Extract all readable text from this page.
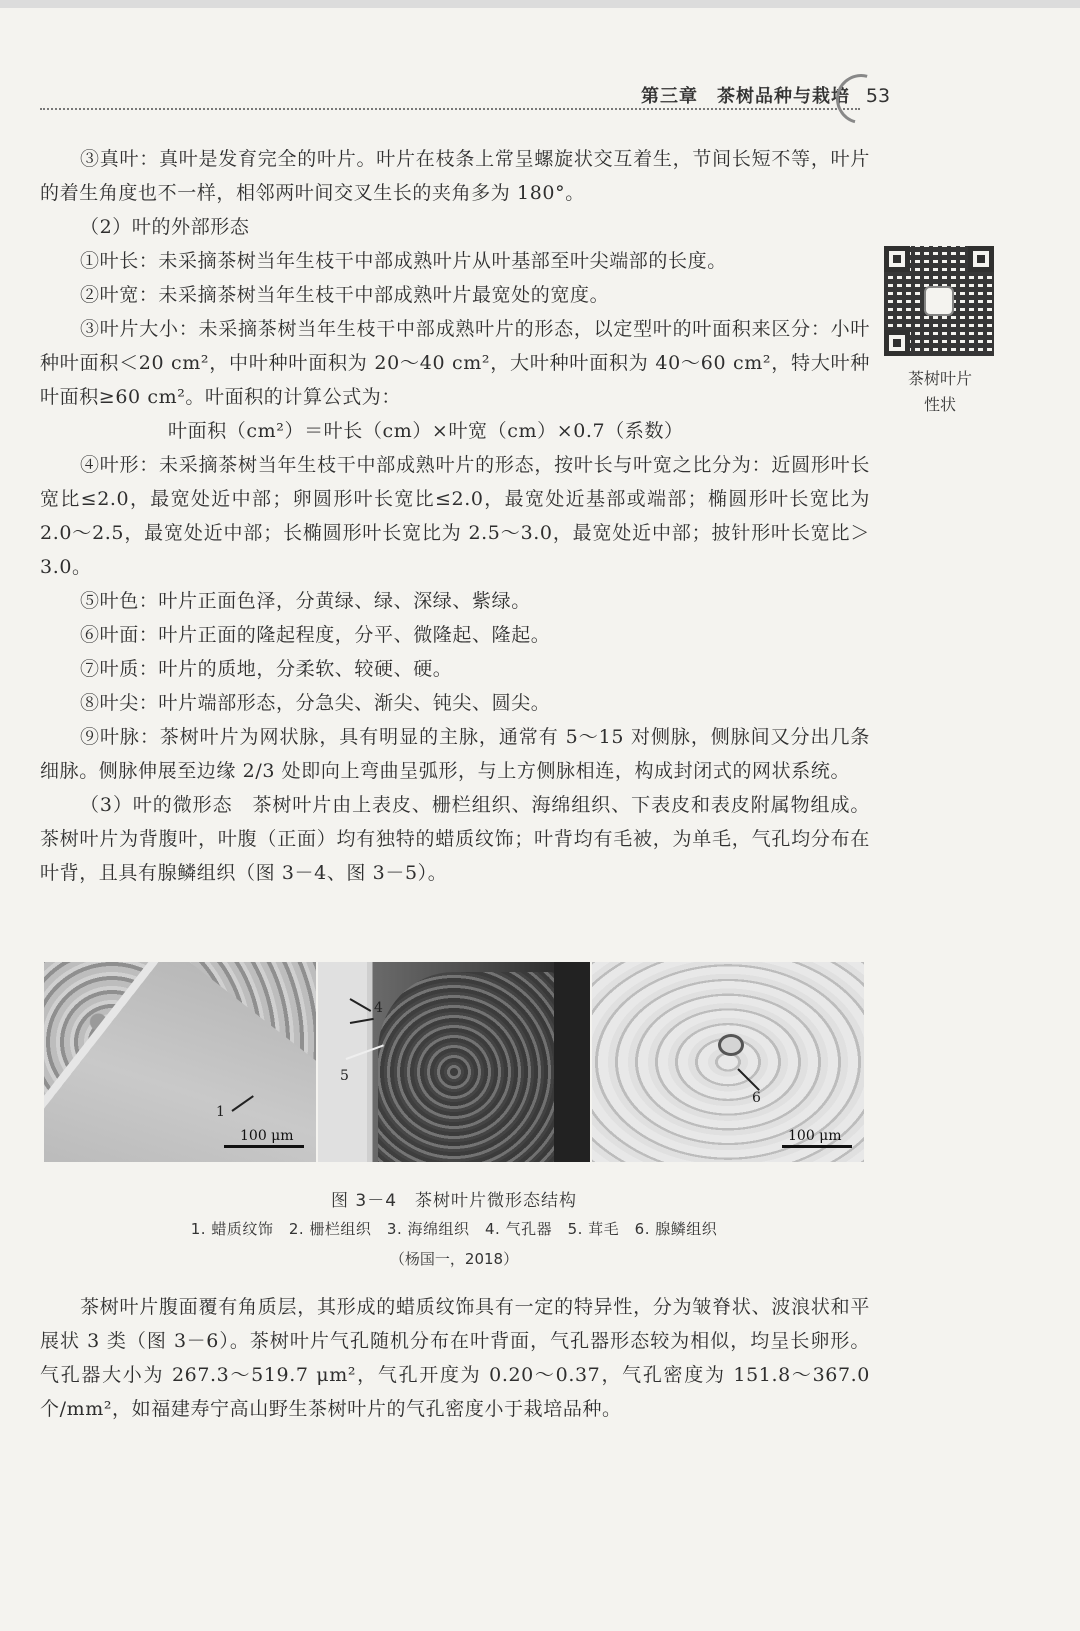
第三章　茶树品种与栽培 53

③真叶：真叶是发育完全的叶片。叶片在枝条上常呈螺旋状交互着生，节间长短不等，叶片的着生角度也不一样，相邻两叶间交叉生长的夹角多为 180°。

（2）叶的外部形态

①叶长：未采摘茶树当年生枝干中部成熟叶片从叶基部至叶尖端部的长度。

②叶宽：未采摘茶树当年生枝干中部成熟叶片最宽处的宽度。

③叶片大小：未采摘茶树当年生枝干中部成熟叶片的形态，以定型叶的叶面积来区分：小叶种叶面积＜20 cm²，中叶种叶面积为 20～40 cm²，大叶种叶面积为 40～60 cm²，特大叶种叶面积≥60 cm²。叶面积的计算公式为：

叶面积（cm²）＝叶长（cm）×叶宽（cm）×0.7（系数）

④叶形：未采摘茶树当年生枝干中部成熟叶片的形态，按叶长与叶宽之比分为：近圆形叶长宽比≤2.0，最宽处近中部；卵圆形叶长宽比≤2.0，最宽处近基部或端部；椭圆形叶长宽比为 2.0～2.5，最宽处近中部；长椭圆形叶长宽比为 2.5～3.0，最宽处近中部；披针形叶长宽比＞3.0。

⑤叶色：叶片正面色泽，分黄绿、绿、深绿、紫绿。

⑥叶面：叶片正面的隆起程度，分平、微隆起、隆起。

⑦叶质：叶片的质地，分柔软、较硬、硬。

⑧叶尖：叶片端部形态，分急尖、渐尖、钝尖、圆尖。

⑨叶脉：茶树叶片为网状脉，具有明显的主脉，通常有 5～15 对侧脉，侧脉间又分出几条细脉。侧脉伸展至边缘 2/3 处即向上弯曲呈弧形，与上方侧脉相连，构成封闭式的网状系统。

（3）叶的微形态　茶树叶片由上表皮、栅栏组织、海绵组织、下表皮和表皮附属物组成。茶树叶片为背腹叶，叶腹（正面）均有独特的蜡质纹饰；叶背均有毛被，为单毛，气孔均分布在叶背，且具有腺鳞组织（图 3－4、图 3－5）。

茶树叶片
性状
1
100 μm
4
5
6
100 μm
图 3－4　茶树叶片微形态结构
1. 蜡质纹饰　2. 栅栏组织　3. 海绵组织　4. 气孔器　5. 茸毛　6. 腺鳞组织
（杨国一，2018）

茶树叶片腹面覆有角质层，其形成的蜡质纹饰具有一定的特异性，分为皱脊状、波浪状和平展状 3 类（图 3－6）。茶树叶片气孔随机分布在叶背面，气孔器形态较为相似，均呈长卵形。气孔器大小为 267.3～519.7 μm²，气孔开度为 0.20～0.37，气孔密度为 151.8～367.0 个/mm²，如福建寿宁高山野生茶树叶片的气孔密度小于栽培品种。
